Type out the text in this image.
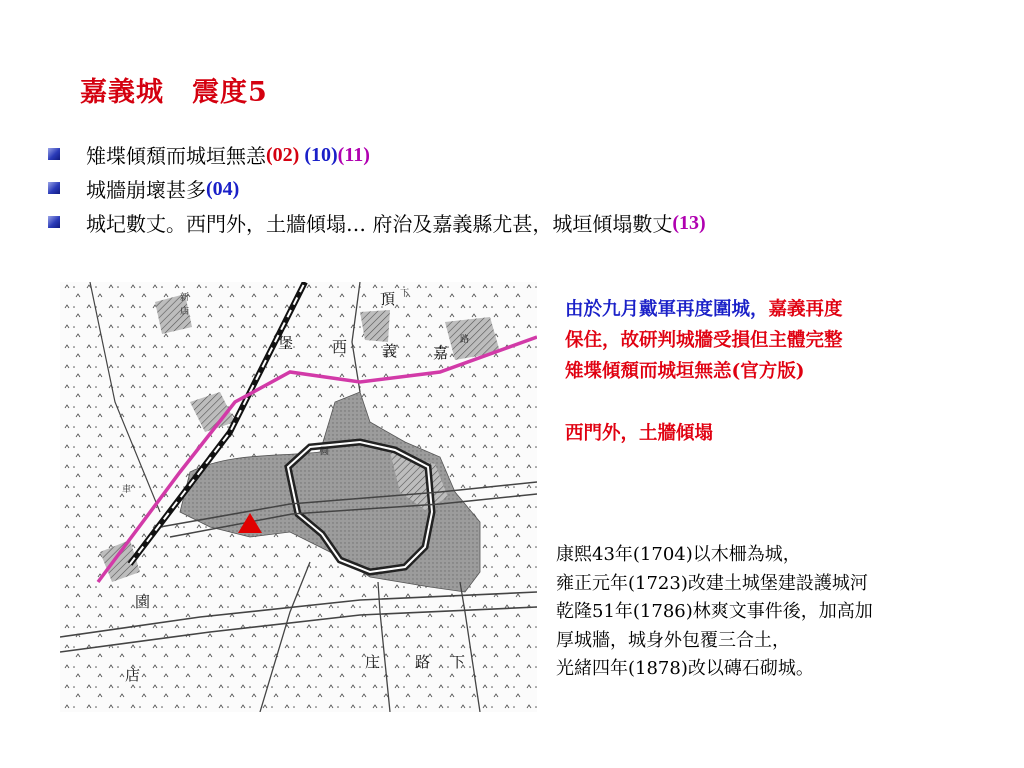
嘉義城　震度5
雉堞傾頹而城垣無恙 (02) (10)(11)
城牆崩壞甚多 (04)
城圮數丈。西門外，土牆傾塌… 府治及嘉義縣尤甚，城垣傾塌數丈 (13)
堡	西 義 嘉
庄	下
路
頂
店
園
新
店
車
下
路
圓
由於九月戴軍再度圍城，嘉義再度
保住，故研判城牆受損但主體完整
雉堞傾頹而城垣無恙(官方版)
西門外，土牆傾塌
康熙43年(1704)以木柵為城，
雍正元年(1723)改建土城堡建設護城河
乾隆51年(1786)林爽文事件後，加高加
厚城牆，城身外包覆三合土，
光緒四年(1878)改以磚石砌城。
